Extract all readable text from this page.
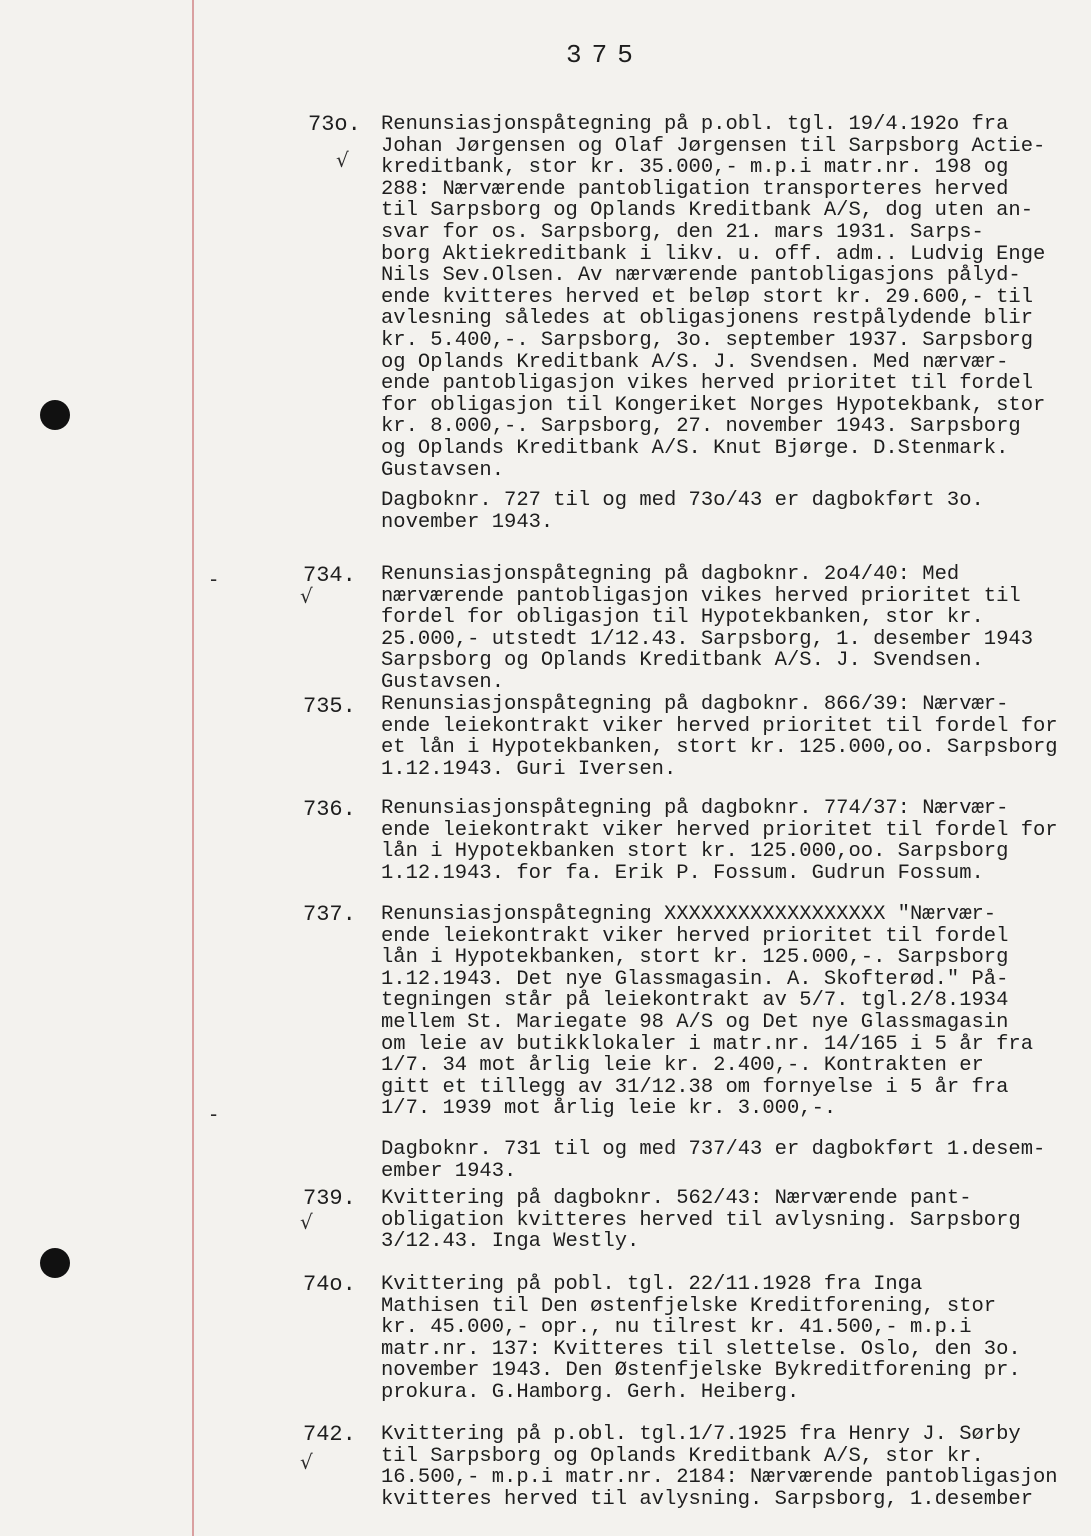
375
√
√
√
√
-
-
73o. Renunsiasjonspåtegning på p.obl. tgl. 19/4.192o fra
Johan Jørgensen og Olaf Jørgensen til Sarpsborg Actie-
kreditbank, stor kr. 35.000,- m.p.i matr.nr. 198 og
288: Nærværende pantobligation transporteres herved
til Sarpsborg og Oplands Kreditbank A/S, dog uten an-
svar for os. Sarpsborg, den 21. mars 1931. Sarps-
borg Aktiekreditbank i likv. u. off. adm.. Ludvig Enge
Nils Sev.Olsen. Av nærværende pantobligasjons pålyd-
ende kvitteres herved et beløp stort kr. 29.600,- til
avlesning således at obligasjonens restpålydende blir
kr. 5.400,-. Sarpsborg, 3o. september 1937. Sarpsborg
og Oplands Kreditbank A/S. J. Svendsen. Med nærvær-
ende pantobligasjon vikes herved prioritet til fordel
for obligasjon til Kongeriket Norges Hypotekbank, stor
kr. 8.000,-. Sarpsborg, 27. november 1943. Sarpsborg
og Oplands Kreditbank A/S. Knut Bjørge. D.Stenmark.
Gustavsen.
Dagboknr. 727 til og med 73o/43 er dagbokført 3o.
november 1943.
734. Renunsiasjonspåtegning på dagboknr. 2o4/40: Med
nærværende pantobligasjon vikes herved prioritet til
fordel for obligasjon til Hypotekbanken, stor kr.
25.000,- utstedt 1/12.43. Sarpsborg, 1. desember 1943
Sarpsborg og Oplands Kreditbank A/S. J. Svendsen.
Gustavsen.
735. Renunsiasjonspåtegning på dagboknr. 866/39: Nærvær-
ende leiekontrakt viker herved prioritet til fordel for
et lån i Hypotekbanken, stort kr. 125.000,oo. Sarpsborg
1.12.1943. Guri Iversen.
736. Renunsiasjonspåtegning på dagboknr. 774/37: Nærvær-
ende leiekontrakt viker herved prioritet til fordel for
lån i Hypotekbanken stort kr. 125.000,oo. Sarpsborg
1.12.1943. for fa. Erik P. Fossum. Gudrun Fossum.
737. Renunsiasjonspåtegning XXXXXXXXXXXXXXXXXX "Nærvær-
ende leiekontrakt viker herved prioritet til fordel
lån i Hypotekbanken, stort kr. 125.000,-. Sarpsborg
1.12.1943. Det nye Glassmagasin. A. Skofterød." På-
tegningen står på leiekontrakt av 5/7. tgl.2/8.1934
mellem St. Mariegate 98 A/S og Det nye Glassmagasin
om leie av butikklokaler i matr.nr. 14/165 i 5 år fra
1/7. 34 mot årlig leie kr. 2.400,-. Kontrakten er
gitt et tillegg av 31/12.38 om fornyelse i 5 år fra
1/7. 1939 mot årlig leie kr. 3.000,-.
Dagboknr. 731 til og med 737/43 er dagbokført 1.desem-
ember 1943.
739. Kvittering på dagboknr. 562/43: Nærværende pant-
obligation kvitteres herved til avlysning. Sarpsborg
3/12.43. Inga Westly.
74o. Kvittering på pobl. tgl. 22/11.1928 fra Inga
Mathisen til Den østenfjelske Kreditforening, stor
kr. 45.000,- opr., nu tilrest kr. 41.500,- m.p.i
matr.nr. 137: Kvitteres til slettelse. Oslo, den 3o.
november 1943. Den Østenfjelske Bykreditforening pr.
prokura. G.Hamborg. Gerh. Heiberg.
742. Kvittering på p.obl. tgl.1/7.1925 fra Henry J. Sørby
til Sarpsborg og Oplands Kreditbank A/S, stor kr.
16.500,- m.p.i matr.nr. 2184: Nærværende pantobligasjon
kvitteres herved til avlysning. Sarpsborg, 1.desember
